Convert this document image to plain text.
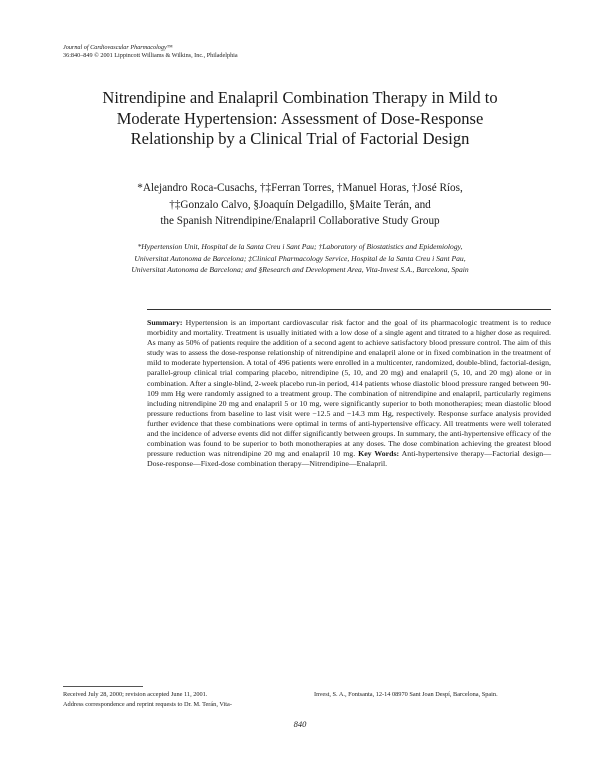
Journal of Cardiovascular Pharmacology™
36:840–849 © 2001 Lippincott Williams & Wilkins, Inc., Philadelphia
Nitrendipine and Enalapril Combination Therapy in Mild to
Moderate Hypertension: Assessment of Dose-Response
Relationship by a Clinical Trial of Factorial Design
*Alejandro Roca-Cusachs, †‡Ferran Torres, †Manuel Horas, †José Ríos,
†‡Gonzalo Calvo, §Joaquín Delgadillo, §Maite Terán, and
the Spanish Nitrendipine/Enalapril Collaborative Study Group
*Hypertension Unit, Hospital de la Santa Creu i Sant Pau; †Laboratory of Biostatistics and Epidemiology,
Universitat Autonoma de Barcelona; ‡Clinical Pharmacology Service, Hospital de la Santa Creu i Sant Pau,
Universitat Autonoma de Barcelona; and §Research and Development Area, Vita-Invest S.A., Barcelona, Spain

Summary: Hypertension is an important cardiovascular risk factor and the goal of its pharmacologic treatment is to reduce morbidity and mortality. Treatment is usually initiated with a low dose of a single agent and titrated to a higher dose as required. As many as 50% of patients require the addition of a second agent to achieve satisfactory blood pressure control. The aim of this study was to assess the dose-response relationship of nitrendipine and enalapril alone or in fixed combination in the treatment of mild to moderate hypertension. A total of 496 patients were enrolled in a multicenter, randomized, double-blind, factorial-design, parallel-group clinical trial comparing placebo, nitrendipine (5, 10, and 20 mg) and enalapril (5, 10, and 20 mg) alone or in combination. After a single-blind, 2-week placebo run-in period, 414 patients whose diastolic blood pressure ranged between 90-109 mm Hg were randomly assigned to a treatment group. The combination of nitrendipine and enalapril, particularly regimens including nitrendipine 20 mg and enalapril 5 or 10 mg, were significantly superior to both monotherapies; mean diastolic blood pressure reductions from baseline to last visit were −12.5 and −14.3 mm Hg, respectively. Response surface analysis provided further evidence that these combinations were optimal in terms of anti-hypertensive efficacy. All treatments were well tolerated and the incidence of adverse events did not differ significantly between groups. In summary, the anti-hypertensive efficacy of the combination was found to be superior to both monotherapies at any doses. The dose combination achieving the greatest blood pressure reduction was nitrendipine 20 mg and enalapril 10 mg. Key Words: Anti-hypertensive therapy—Factorial design—Dose-response—Fixed-dose combination therapy—Nitrendipine—Enalapril.

Received July 28, 2000; revision accepted June 11, 2001.
Address correspondence and reprint requests to Dr. M. Terán, Vita-
Invest, S. A., Fontsanta, 12-14 08970 Sant Joan Despí, Barcelona, Spain.
840
